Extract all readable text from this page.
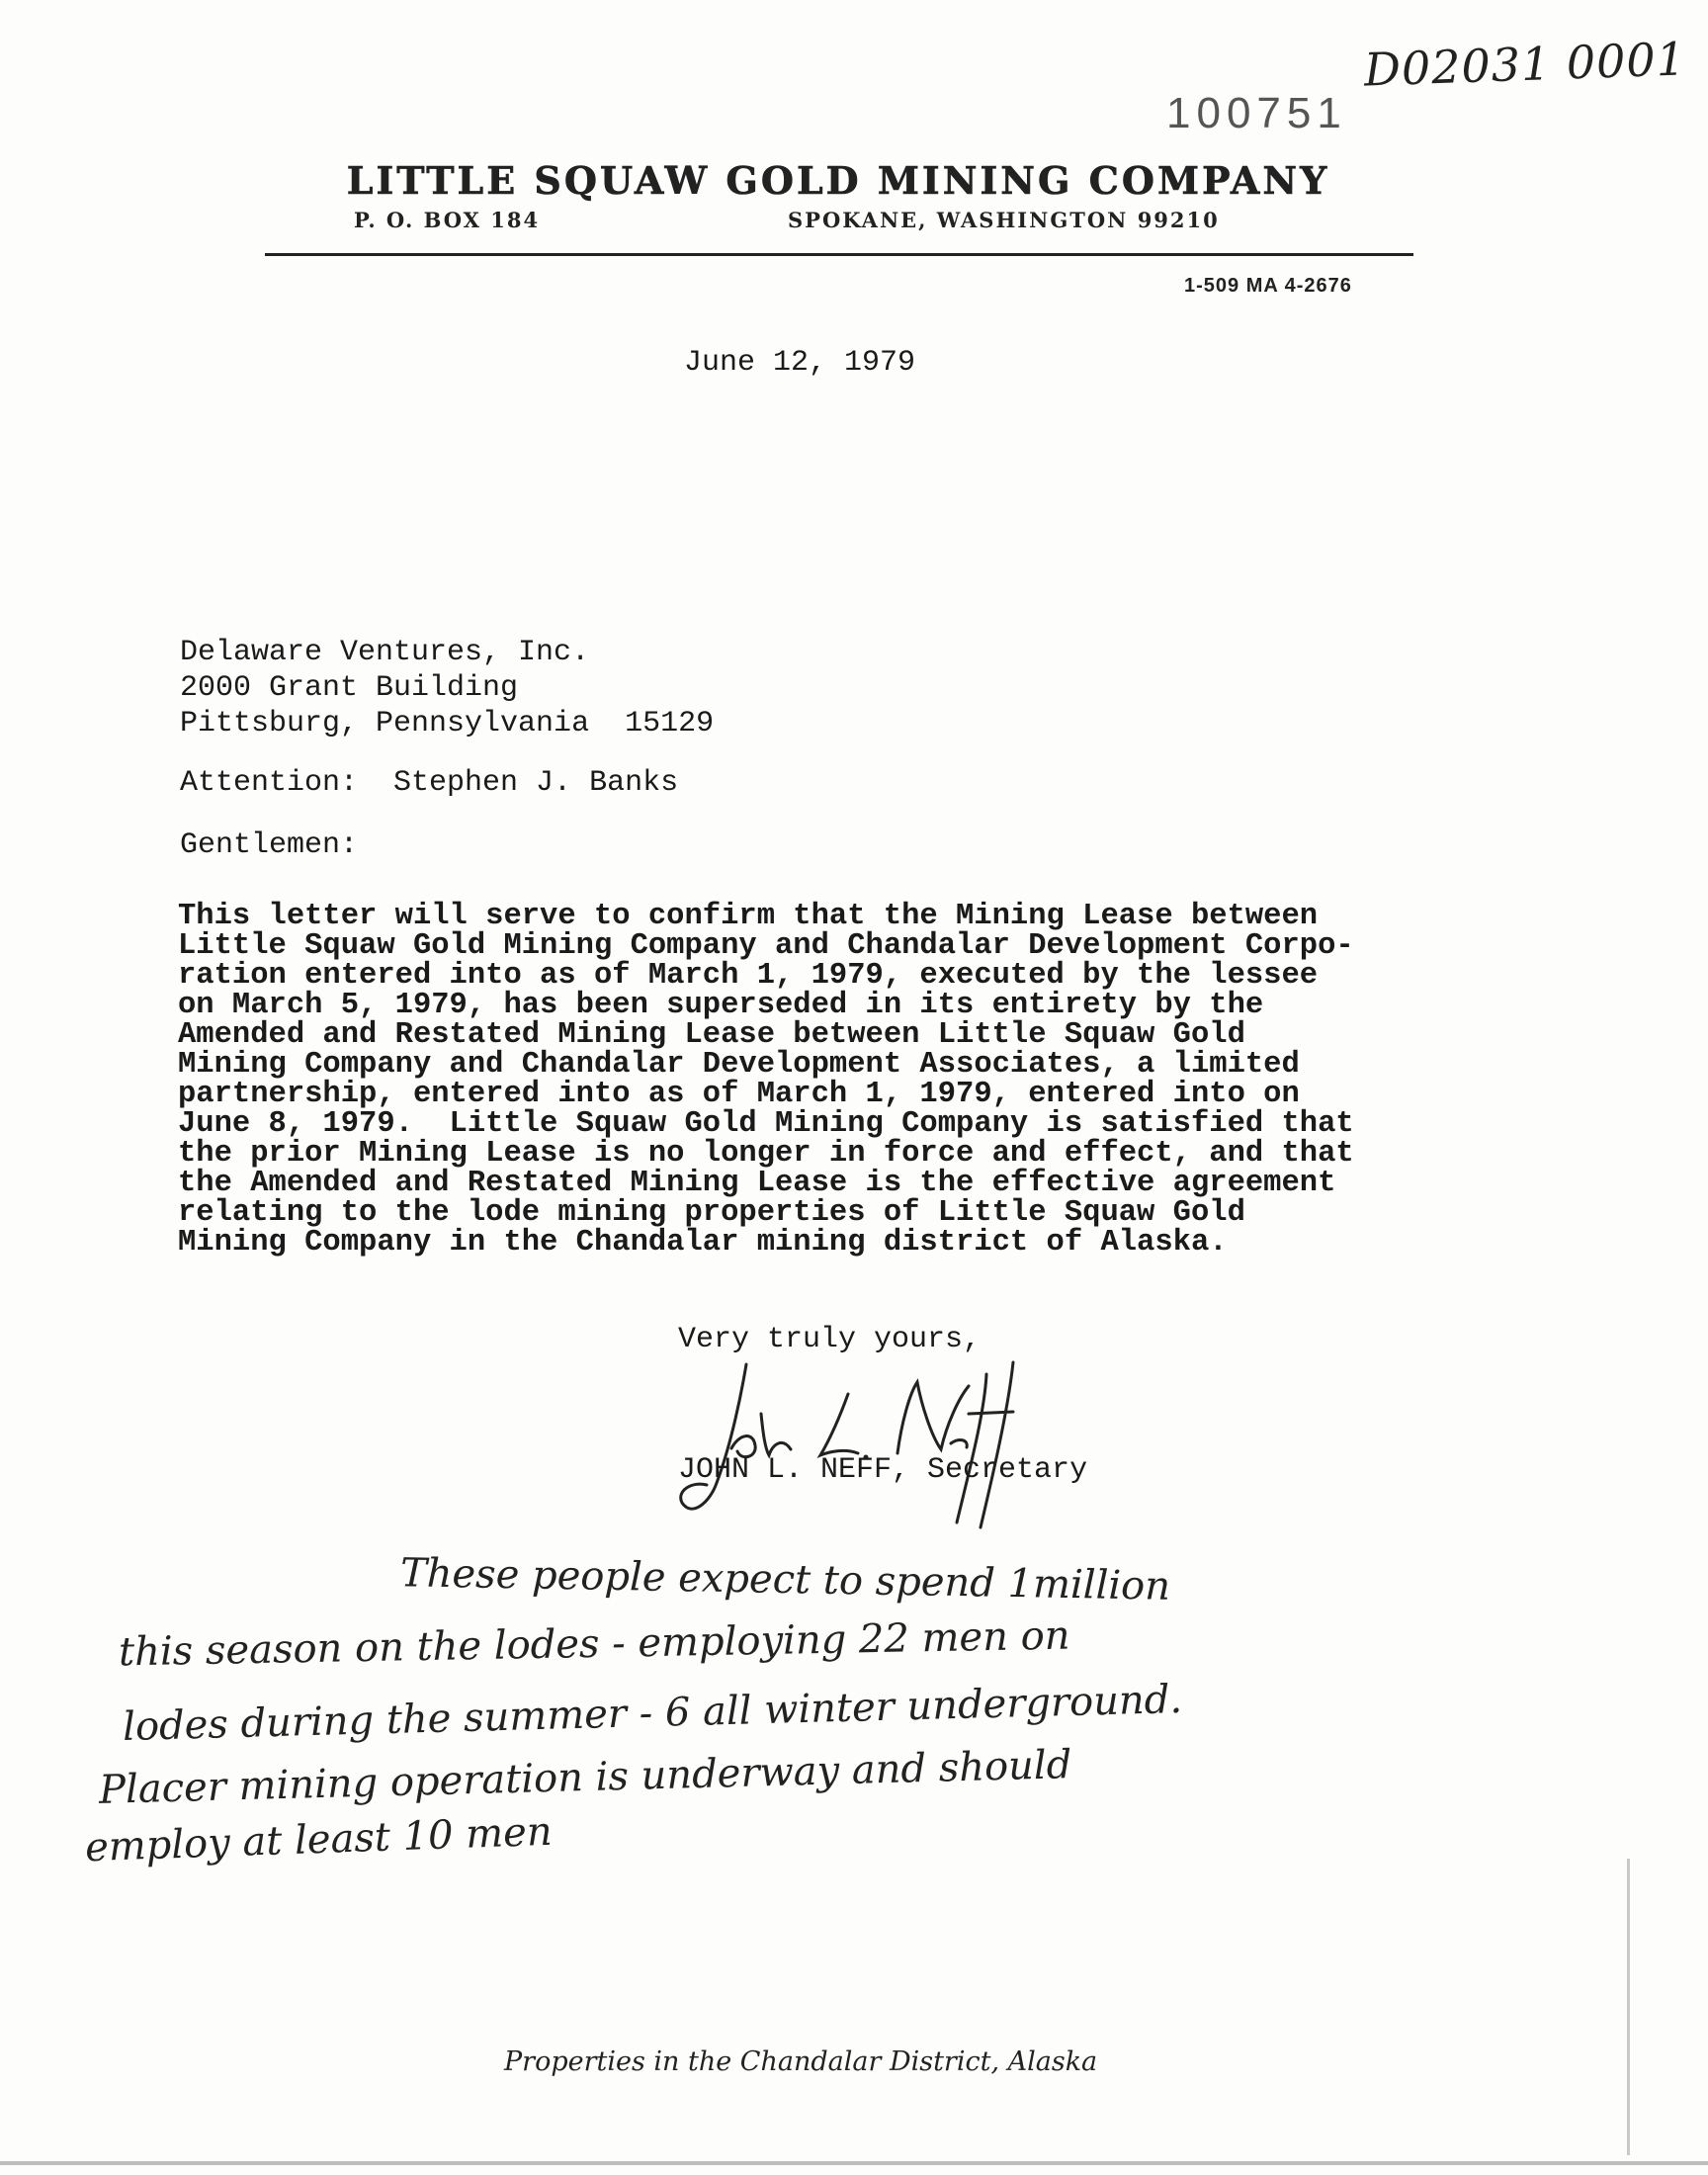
D02031 0001
100751
LITTLE SQUAW GOLD MINING COMPANY
P. O. BOX 184	SPOKANE, WASHINGTON 99210
1-509 MA 4-2676
June 12, 1979
Delaware Ventures, Inc.
2000 Grant Building
Pittsburg, Pennsylvania  15129
Attention:  Stephen J. Banks
Gentlemen:
This letter will serve to confirm that the Mining Lease between
Little Squaw Gold Mining Company and Chandalar Development Corpo-
ration entered into as of March 1, 1979, executed by the lessee
on March 5, 1979, has been superseded in its entirety by the
Amended and Restated Mining Lease between Little Squaw Gold
Mining Company and Chandalar Development Associates, a limited
partnership, entered into as of March 1, 1979, entered into on
June 8, 1979.  Little Squaw Gold Mining Company is satisfied that
the prior Mining Lease is no longer in force and effect, and that
the Amended and Restated Mining Lease is the effective agreement
relating to the lode mining properties of Little Squaw Gold
Mining Company in the Chandalar mining district of Alaska.
Very truly yours,
JOHN L. NEFF, Secretary
These people expect to spend 1million
this season on the lodes - employing 22 men on
lodes during the summer - 6 all winter underground.
Placer mining operation is underway and should
employ at least 10 men
Properties in the Chandalar District, Alaska
